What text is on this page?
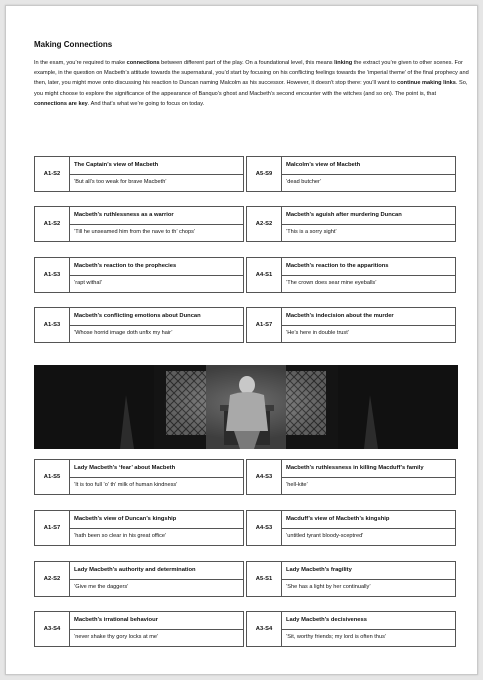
Making Connections
In the exam, you’re required to make connections between different part of the play. On a foundational level, this means linking the extract you’re given to other scenes. For example, in the question on Macbeth’s attitude towards the supernatural, you’d start by focusing on his conflicting feelings towards the ‘imperial theme’ of the final prophecy and then, later, you might move onto discussing his reaction to Duncan naming Malcolm as his successor. However, it doesn’t stop there: you’ll want to continue making links. So, you might choose to explore the significance of the appearance of Banquo’s ghost and Macbeth’s second encounter with the witches (and so on). The point is, that connections are key. And that’s what we’re going to focus on today.
A1-S2
The Captain’s view of Macbeth
‘But all’s too weak for brave Macbeth’
A5-S9
Malcolm’s view of Macbeth
‘dead butcher’
A1-S2
Macbeth’s ruthlessness as a warrior
‘Till he unseamed him from the nave to th’ chops’
A2-S2
Macbeth’s aguish after murdering Duncan
‘This is a sorry sight’
A1-S3
Macbeth’s reaction to the prophecies
‘rapt withal’
A4-S1
Macbeth’s reaction to the apparitions
‘The crown does sear mine eyeballs’
A1-S3
Macbeth’s conflicting emotions about Duncan
‘Whose horrid image doth unfix my hair’
A1-S7
Macbeth’s indecision about the murder
‘He’s here in double trust’
A1-S5
Lady Macbeth’s ‘fear’ about Macbeth
‘It is too full ‘o’ th’ milk of human kindness’
A4-S3
Macbeth’s ruthlessness in killing Macduff’s family
‘hell-kite’
A1-S7
Macbeth’s view of Duncan’s kingship
‘hath been so clear in his great office’
A4-S3
Macduff’s view of Macbeth’s kingship
‘untitled tyrant bloody-sceptred’
A2-S2
Lady Macbeth’s authority and determination
‘Give me the daggers’
A5-S1
Lady Macbeth’s fragility
‘She has a light by her continually’
A3-S4
Macbeth’s irrational behaviour
‘never shake thy gory locks at me’
A3-S4
Lady Macbeth’s decisiveness
‘Sit, worthy friends; my lord is often thus’
